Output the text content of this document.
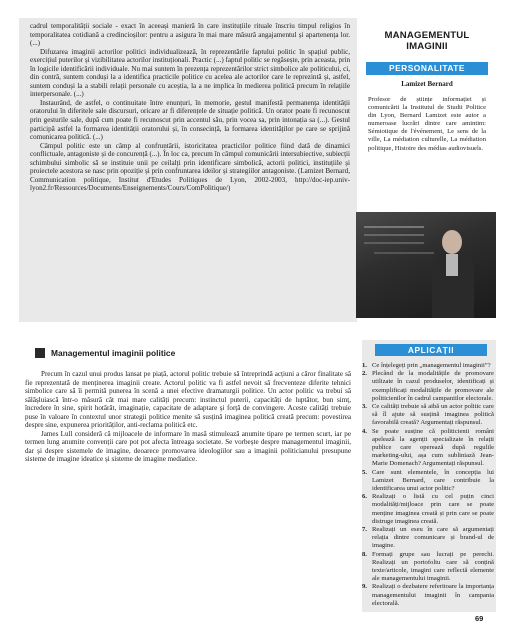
cadrul temporalității sociale - exact în aceeași manieră în care instituțiile rituale înscriu timpul religios în temporalitatea cotidiană a credincioșilor: pentru a asigura în mai mare măsură angajamentul și apartenența lor. (...)

Difuzarea imaginii actorilor politici individualizează, în reprezentările faptului politic în spațiul public, exercițiul puterilor și vizibilitatea actorilor instituționali. Practic (...) faptul politic se regăsește, prin aceasta, prin în logicile identificării individuale. Nu mai suntem în prezența reprezentărilor strict simbolice ale politicului, ci, din contră, suntem conduși la a identifica practicile politice cu acelea ale actorilor care le reprezintă și, astfel, suntem conduși la a stabili relații personale cu aceștia, la a ne implica în medierea politică precum în relațiile interpersonale. (...)

Instaurând, de astfel, o continuitate între enunțuri, în memorie, gestul manifestă permanența identității oratorului în diferitele sale discursuri, oricare ar fi diferențele de situație politică. Un orator poate fi recunoscut prin gesturile sale, după cum poate fi recunoscut prin accentul său, prin vocea sa, prin intonația sa (...). Gestul participă astfel la formarea identității oratorului și, în consecință, la formarea identităților pe care se sprijină comunicarea politică. (...)

Câmpul politic este un câmp al confruntării, istoricitatea practicilor politice fiind dată de dinamici conflictuale, antagoniste și de concurență (...). În loc ca, precum în câmpul comunicării intersubiective, subiecții schimbului simbolic să se instituie unii pe ceilalți prin identificare simbolică, actorii politici, instituțiile și proiectele acestora se nasc prin opoziție și prin confruntarea ideilor și strategiilor antagoniste. (Lamizet Bernard, Communication politique, Institut d'Etudes Politiques de Lyon, 2002-2003, http://doc-iep.univ-lyon2.fr/Ressources/Documents/Enseignements/Cours/ComPolitique/)

MANAGEMENTUL
IMAGINII
PERSONALITATE
Lamizet Bernard
Profesor de științe informației și comunicării la Institutul de Studii Politice din Lyon, Bernard Lamizet este autor a numeroase lucrări dintre care amintim: Sémiotique de l'événement, Le sens de la ville, La médiation culturelle, La médiation politique, Histoire des médias audiovisuels.
Managementul imaginii politice

Precum în cazul unui produs lansat pe piață, actorul politic trebuie să întreprindă acțiuni a căror finalitate să fie reprezentată de menținerea imaginii create. Actorul politic va fi astfel nevoit să frecventeze diferite tehnici simbolice care să îi permită punerea în scenă a unei efective dramaturgii politice. Un actor politic va trebui să sălășluiască într-o măsură cât mai mare calități precum: instinctul puterii, capacități de luptător, bun simț, încredere în sine, spirit hotărât, imaginație, capacitate de adaptare și forță de convingere. Aceste calități trebuie puse în valoare în contextul unor strategii politice menite să susțină imaginea politică creată precum: povestirea despre sine, expunerea priorităților, anti-reclama politică etc.

James Lull consideră că mijloacele de informare în masă stimulează anumite tipare pe termen scurt, iar pe termen lung anumite convenții care pot pot afecta întreaga societate. Se vorbește despre managementul imaginii, dar și despre sistemele de imagine, deoarece promovarea ideologiilor sau a imaginii politicianului presupune sisteme de imagine ideatice și sisteme de imagine mediatice.

APLICAȚII
1. Ce înțelegeți prin „managementul imaginii”?
2. Plecând de la modalitățile de promovare utilizate în cazul produselor, identificați și exemplificați modalitățile de promovare ale politicienilor în cadrul campaniilor electorale.
3. Ce calități trebuie să aibă un actor politic care să îl ajute să susțină imaginea politică favorabilă creată? Argumentați răspunsul.
4. Se poate susține că politicienii români apelează la agenții specializate în relații publice care operează după regulile marketing-ului, așa cum subliniază Jean-Marie Domenach? Argumentați răspunsul.
5. Care sunt elementele, în concepția lui Lamizet Bernard, care contribuie la identificarea unui actor politic?
6. Realizați o listă cu cel puțin cinci modalități/mijloace prin care se poate menține imaginea creată și prin care se poate distruge imaginea creată.
7. Realizați un eseu în care să argumentați relația dintre comunicare și brand-ul de imagine.
8. Formați grupe sau lucrați pe perechi. Realizați un portofoliu care să conțină texte/articole, imagini care reflectă elemente ale managementului imaginii.
9. Realizați o dezbatere referitoare la importanța managementului imaginii în campania electorală.
69
